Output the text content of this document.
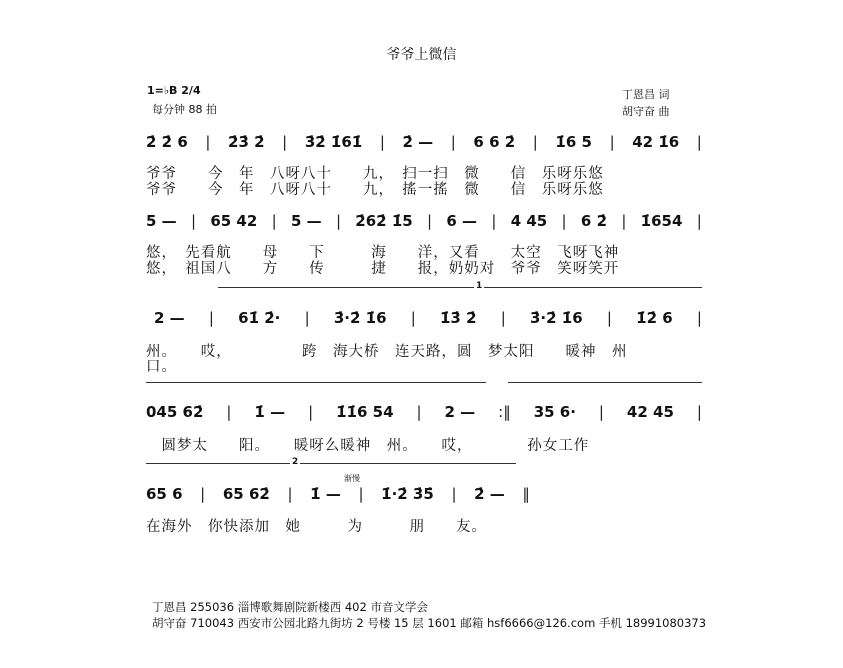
爷爷上微信
1=♭B 2/4
每分钟 88 拍
丁恩昌 词
胡守奋 曲
2̇ 2̇ 6 | 2̇3̇ 2̇ | 3̇2̇ 1̇61̇ | 2̇ — | 6 6 2̇ | 1̇6 5 | 42 1̇6 |
爷爷　　今　年　八呀八十　　九，　扫一扫　微　　信　乐呀乐悠
爷爷　　今　年　八呀八十　　九，　搖一搖　微　　信　乐呀乐悠
5 — | 65 42 | 5 — | 2̇62̇ 1̇5 | 6 — | 4 45 | 6 2̇ | 1̇654 |
悠，　先看航　　母　　下　　　海　　洋，又看　　太空　飞呀飞神
悠，　祖国八　　方　　传　　　捷　　报，奶奶对　爷爷　笑呀笑开
1
2 — | 61̇ 2̇· | 3̇·2̇ 1̇6 | 1̇3̇ 2̇ | 3̇·2̇ 1̇6 | 1̇2̇ 6 |
州。　　哎，　　　　　跨　海大桥　连天路，圆　梦太阳　　暖神　州
口。
045 62̇ | 1̇ — | 1̇1̇6 54 | 2 — :‖ 35 6· | 42 45 |
　圆梦太　　阳。　　暖呀么暖神　州。　　哎，　　　　孙女工作
2
渐慢
65 6 | 65 62̇ | 1̇ — | 1̇·2̇ 3̇5̇ | 2̇ — ‖
在海外　你快添加　她　　　为　　　朋　　友。
丁恩昌 255036 淄博歌舞剧院新楼西 402 市音文学会
胡守奋 710043 西安市公园北路九街坊 2 号楼 15 层 1601 邮箱 hsf6666@126.com 手机 18991080373
